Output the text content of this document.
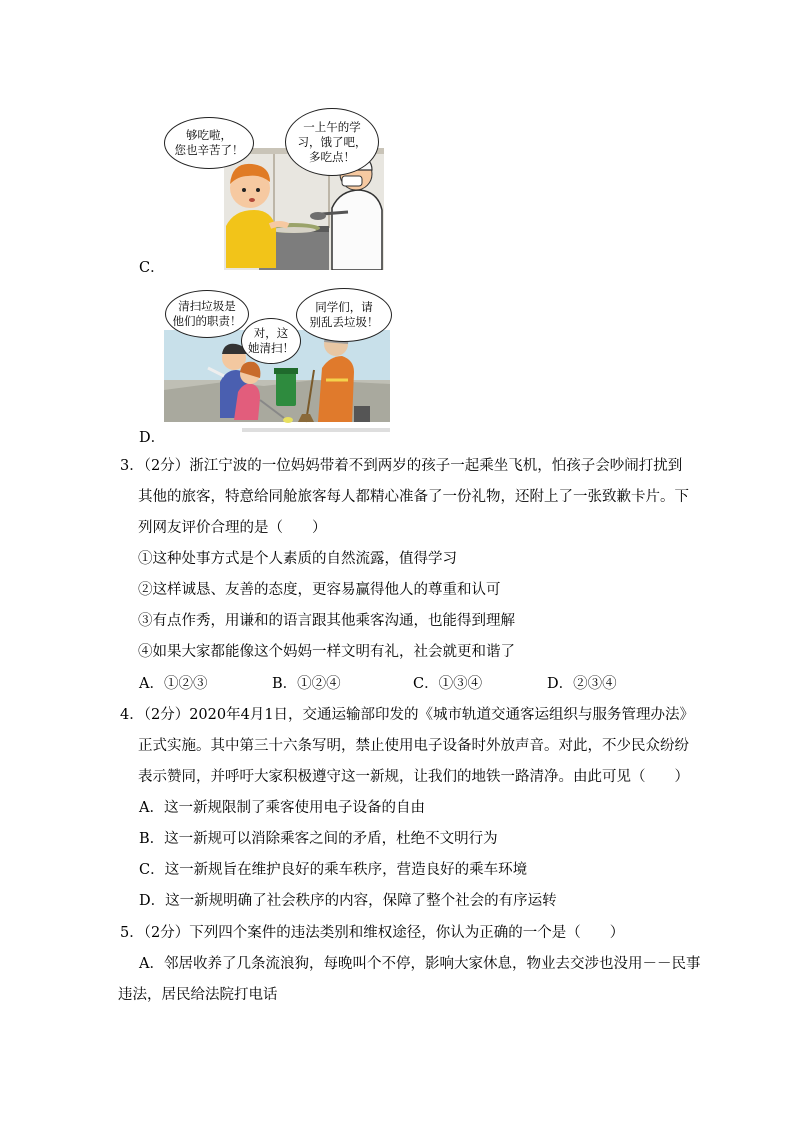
够吃啦，
您也辛苦了！
一上午的学
习，饿了吧，
多吃点！
C．
清扫垃圾是
他们的职责！
对，这
她清扫！
同学们，请
别乱丢垃圾！
D．
3．（2分）浙江宁波的一位妈妈带着不到两岁的孩子一起乘坐飞机，怕孩子会吵闹打扰到
其他的旅客，特意给同舱旅客每人都精心准备了一份礼物，还附上了一张致歉卡片。下
列网友评价合理的是（　　）
①这种处事方式是个人素质的自然流露，值得学习
②这样诚恳、友善的态度，更容易赢得他人的尊重和认可
③有点作秀，用谦和的语言跟其他乘客沟通，也能得到理解
④如果大家都能像这个妈妈一样文明有礼，社会就更和谐了
A．①②③	B．①②④	C．①③④	D．②③④
4．（2分）2020年4月1日，交通运输部印发的《城市轨道交通客运组织与服务管理办法》
正式实施。其中第三十六条写明，禁止使用电子设备时外放声音。对此，不少民众纷纷
表示赞同，并呼吁大家积极遵守这一新规，让我们的地铁一路清净。由此可见（　　）
A．这一新规限制了乘客使用电子设备的自由
B．这一新规可以消除乘客之间的矛盾，杜绝不文明行为
C．这一新规旨在维护良好的乘车秩序，营造良好的乘车环境
D．这一新规明确了社会秩序的内容，保障了整个社会的有序运转
5．（2分）下列四个案件的违法类别和维权途径，你认为正确的一个是（　　）
A．邻居收养了几条流浪狗，每晚叫个不停，影响大家休息，物业去交涉也没用－－民事
违法，居民给法院打电话
